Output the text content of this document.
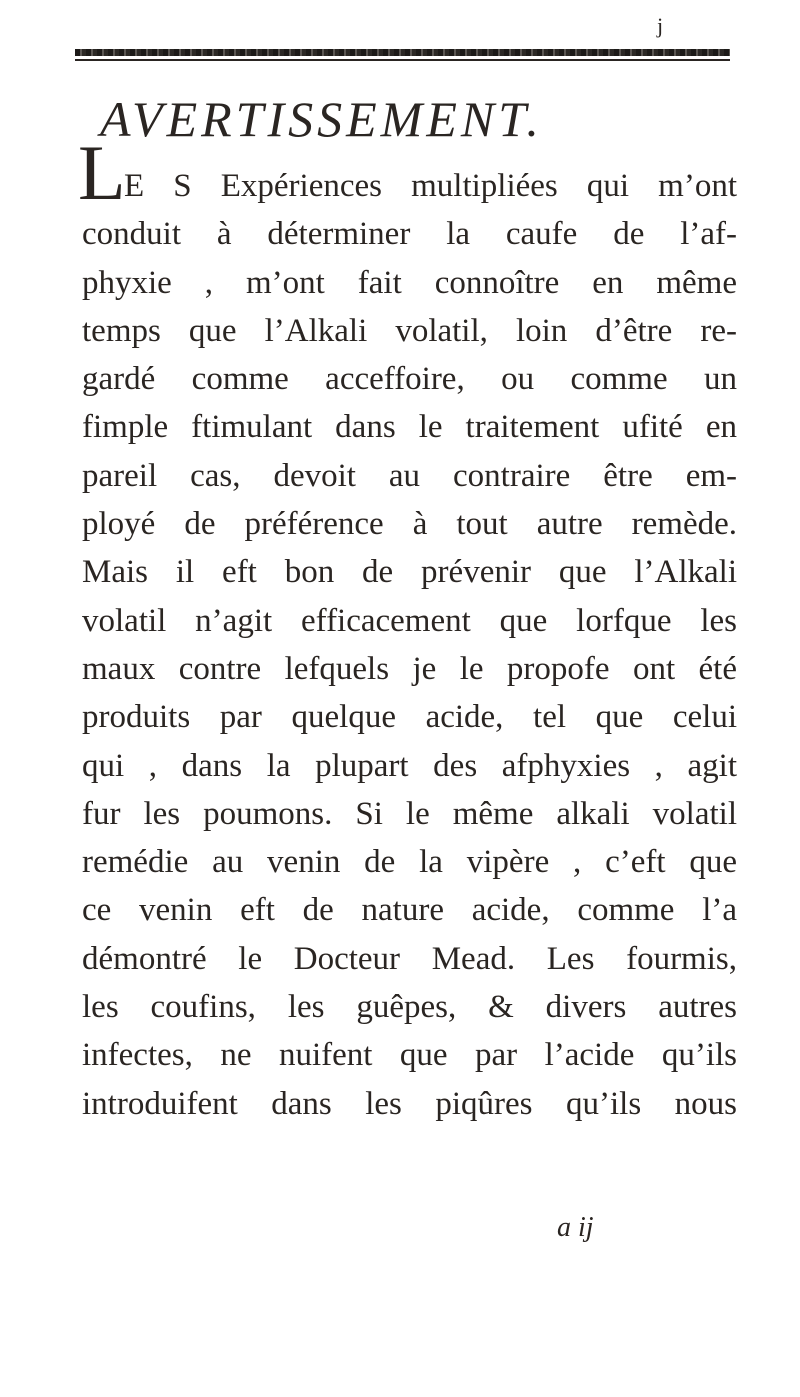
j
AVERTISSEMENT.
L
E S Expériences multipliées qui m’ont
conduit à déterminer la caufe de l’af-
phyxie , m’ont fait connoître en même
temps que l’Alkali volatil, loin d’être re-
gardé comme acceffoire, ou comme un
fimple ftimulant dans le traitement ufité en
pareil cas, devoit au contraire être em-
ployé de préférence à tout autre remède.
Mais il eft bon de prévenir que l’Alkali
volatil n’agit efficacement que lorfque les
maux contre lefquels je le propofe ont été
produits par quelque acide, tel que celui
qui , dans la plupart des afphyxies , agit
fur les poumons. Si le même alkali volatil
remédie au venin de la vipère , c’eft que
ce venin eft de nature acide, comme l’a
démontré le Docteur Mead. Les fourmis,
les coufins, les guêpes, & divers autres
infectes, ne nuifent que par l’acide qu’ils
introduifent dans les piqûres qu’ils nous
a ij
